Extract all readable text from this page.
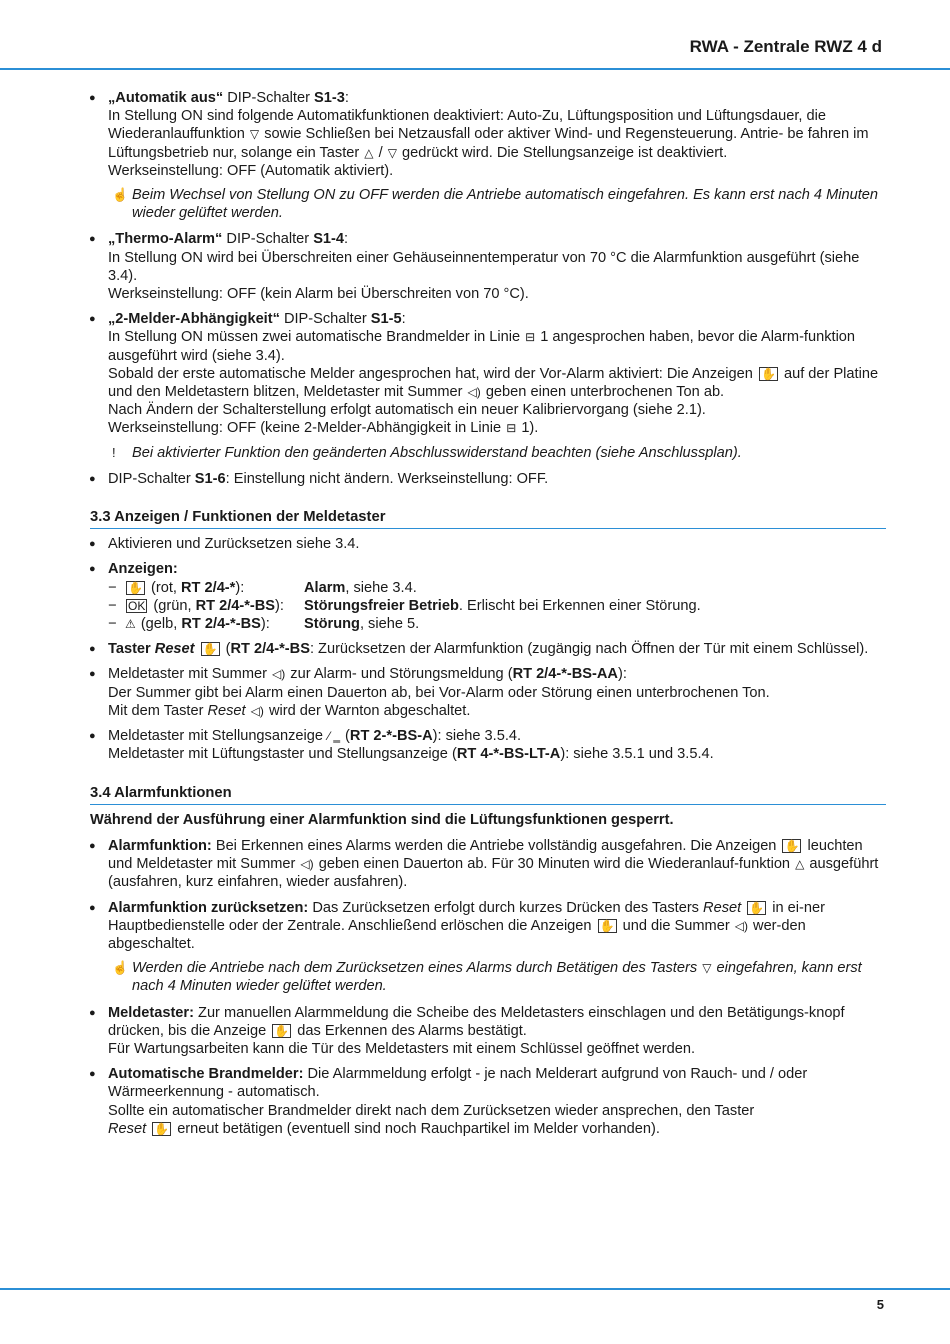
RWA - Zentrale RWZ 4 d
● „Automatik aus“ DIP-Schalter S1-3:
In Stellung ON sind folgende Automatikfunktionen deaktiviert: Auto-Zu, Lüftungsposition und Lüftungsdauer, die Wiederanlauffunktion ▽ sowie Schließen bei Netzausfall oder aktiver Wind- und Regensteuerung. Antrie- be fahren im Lüftungsbetrieb nur, solange ein Taster △ / ▽ gedrückt wird. Die Stellungsanzeige ist deaktiviert.
Werkseinstellung: OFF (Automatik aktiviert).
☝ Beim Wechsel von Stellung ON zu OFF werden die Antriebe automatisch eingefahren. Es kann erst nach 4 Minuten wieder gelüftet werden.
● „Thermo-Alarm“ DIP-Schalter S1-4:
In Stellung ON wird bei Überschreiten einer Gehäuseinnentemperatur von 70 °C die Alarmfunktion ausgeführt (siehe 3.4).
Werkseinstellung: OFF (kein Alarm bei Überschreiten von 70 °C).
● „2-Melder-Abhängigkeit“ DIP-Schalter S1-5:
In Stellung ON müssen zwei automatische Brandmelder in Linie ⊟ 1 angesprochen haben, bevor die Alarm-funktion ausgeführt wird (siehe 3.4).
Sobald der erste automatische Melder angesprochen hat, wird der Vor-Alarm aktiviert: Die Anzeigen ✋ auf der Platine und den Meldetastern blitzen, Meldetaster mit Summer ◁) geben einen unterbrochenen Ton ab.
Nach Ändern der Schalterstellung erfolgt automatisch ein neuer Kalibriervorgang (siehe 2.1).
Werkseinstellung: OFF (keine 2-Melder-Abhängigkeit in Linie ⊟ 1).
! Bei aktivierter Funktion den geänderten Abschlusswiderstand beachten (siehe Anschlussplan).
● DIP-Schalter S1-6: Einstellung nicht ändern. Werkseinstellung: OFF.
3.3 Anzeigen / Funktionen der Meldetaster
● Aktivieren und Zurücksetzen siehe 3.4.
● Anzeigen:
− ✋ (rot, RT 2/4-*):	Alarm, siehe 3.4.
− OK (grün, RT 2/4-*-BS): Störungsfreier Betrieb. Erlischt bei Erkennen einer Störung.
− ⚠ (gelb, RT 2/4-*-BS): Störung, siehe 5.
● Taster Reset ✋ (RT 2/4-*-BS: Zurücksetzen der Alarmfunktion (zugängig nach Öffnen der Tür mit einem Schlüssel).
● Meldetaster mit Summer ◁) zur Alarm- und Störungsmeldung (RT 2/4-*-BS-AA):
Der Summer gibt bei Alarm einen Dauerton ab, bei Vor-Alarm oder Störung einen unterbrochenen Ton.
Mit dem Taster Reset ◁) wird der Warnton abgeschaltet.
● Meldetaster mit Stellungsanzeige ⁄ ‗ (RT 2-*-BS-A): siehe 3.5.4.
Meldetaster mit Lüftungstaster und Stellungsanzeige (RT 4-*-BS-LT-A): siehe 3.5.1 und 3.5.4.
3.4 Alarmfunktionen
Während der Ausführung einer Alarmfunktion sind die Lüftungsfunktionen gesperrt.
● Alarmfunktion: Bei Erkennen eines Alarms werden die Antriebe vollständig ausgefahren. Die Anzeigen ✋ leuchten und Meldetaster mit Summer ◁) geben einen Dauerton ab. Für 30 Minuten wird die Wiederanlauf-funktion △ ausgeführt (ausfahren, kurz einfahren, wieder ausfahren).
● Alarmfunktion zurücksetzen: Das Zurücksetzen erfolgt durch kurzes Drücken des Tasters Reset ✋ in ei-ner Hauptbedienstelle oder der Zentrale. Anschließend erlöschen die Anzeigen ✋ und die Summer ◁) wer-den abgeschaltet.
☝ Werden die Antriebe nach dem Zurücksetzen eines Alarms durch Betätigen des Tasters ▽ eingefahren, kann erst nach 4 Minuten wieder gelüftet werden.
● Meldetaster: Zur manuellen Alarmmeldung die Scheibe des Meldetasters einschlagen und den Betätigungs-knopf drücken, bis die Anzeige ✋ das Erkennen des Alarms bestätigt.
Für Wartungsarbeiten kann die Tür des Meldetasters mit einem Schlüssel geöffnet werden.
● Automatische Brandmelder: Die Alarmmeldung erfolgt - je nach Melderart aufgrund von Rauch- und / oder Wärmeerkennung - automatisch.
Sollte ein automatischer Brandmelder direkt nach dem Zurücksetzen wieder ansprechen, den Taster
Reset ✋ erneut betätigen (eventuell sind noch Rauchpartikel im Melder vorhanden).
5
